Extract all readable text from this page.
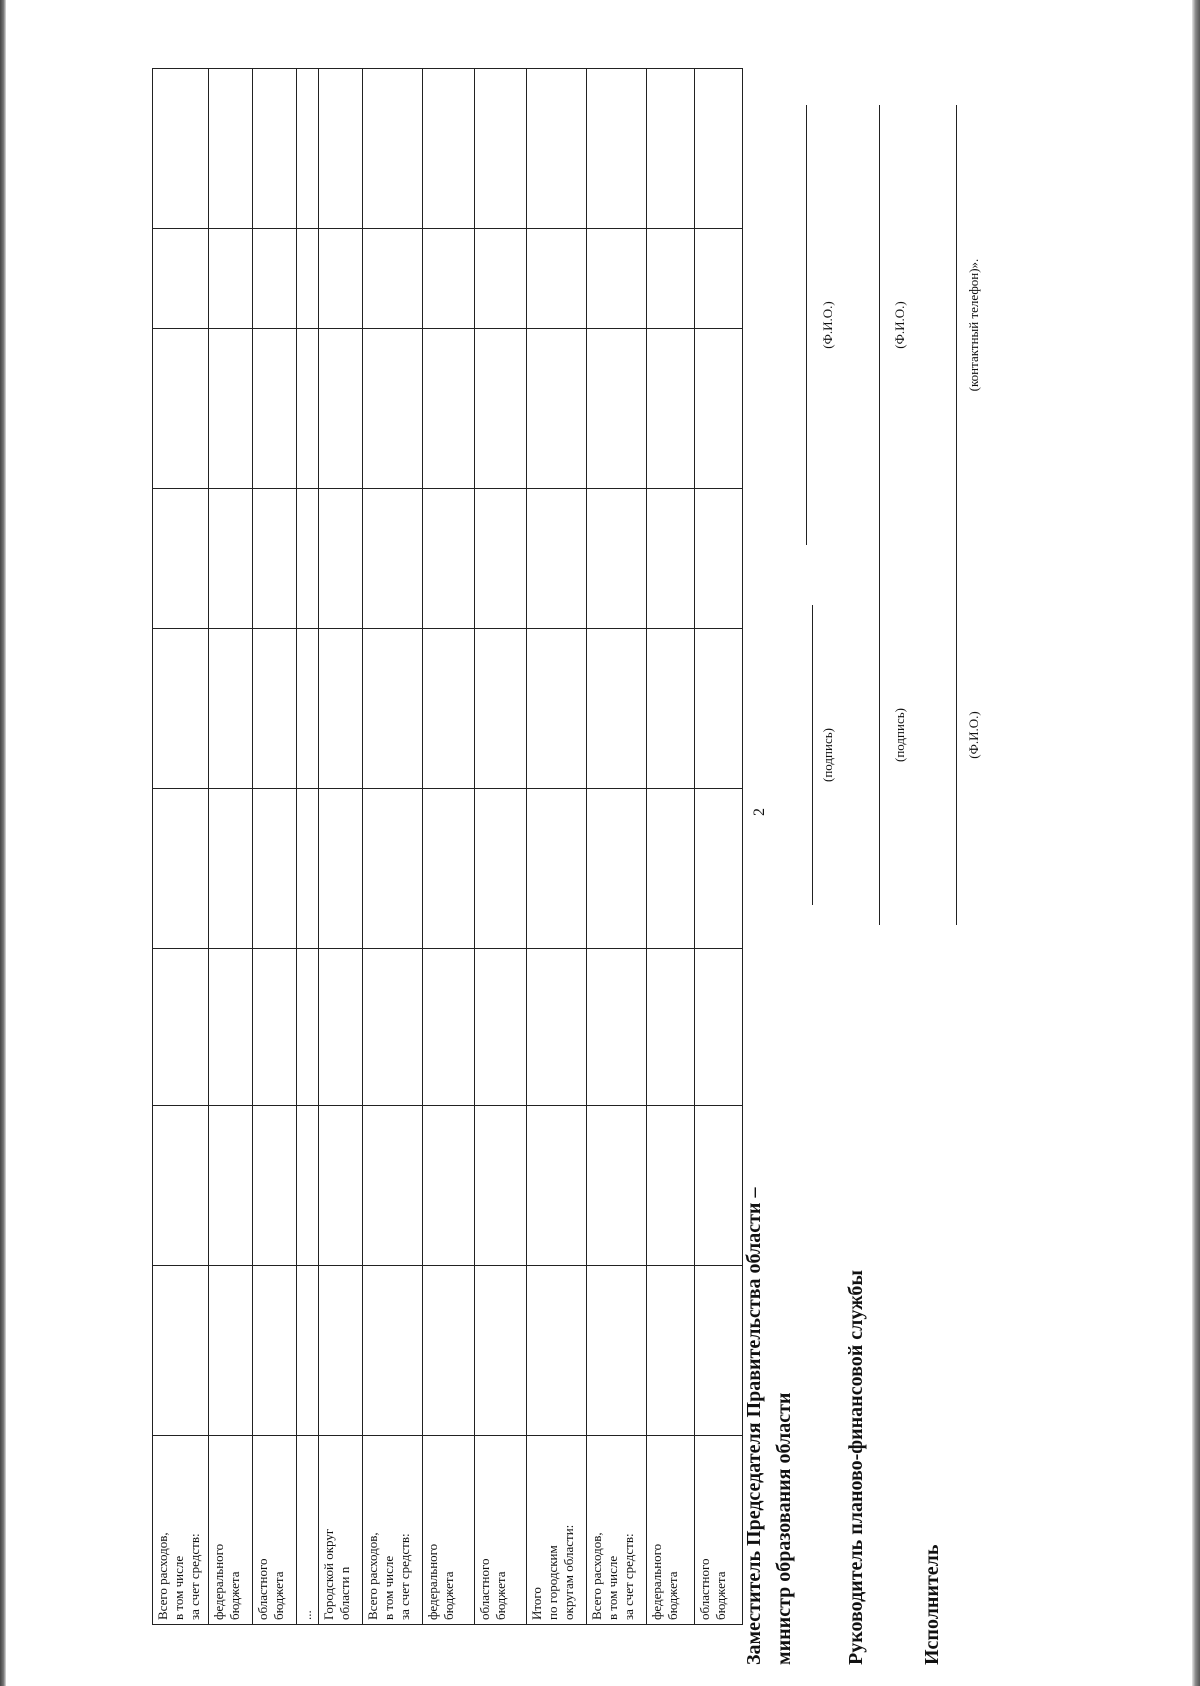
2
Всего расходов, в том числе за счет средств:									

федерального бюджета									

областного бюджета									

...									

Городской округ области n									

Всего расходов, в том числе за счет средств:									

федерального бюджета									

областного бюджета									

Итого по городским округам области:									

Всего расходов, в том числе за счет средств:									

федерального бюджета									

областного бюджета									
									Заместитель Председателя Правительства области – министр образования области
(подпись)
(Ф.И.О.)
Руководитель планово-финансовой службы
(подпись)
(Ф.И.О.)
Исполнитель
(Ф.И.О.)
(контактный телефон)».
